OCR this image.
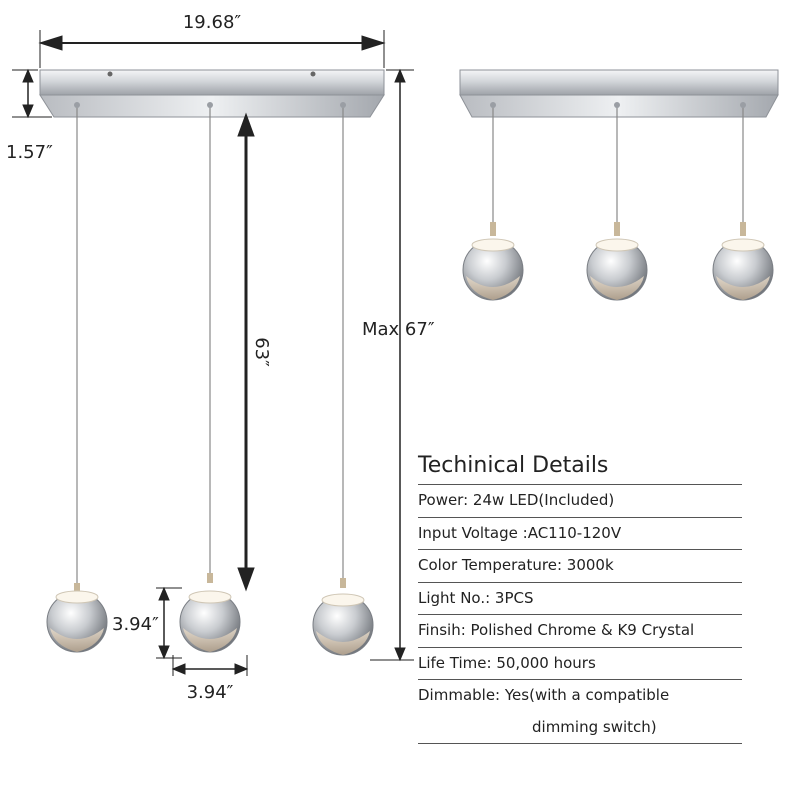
19.68″
1.57″
63″
Max 67″
3.94″
3.94″
Techinical Details
Power: 24w LED(Included)
Input Voltage :AC110-120V
Color Temperature: 3000k
Light No.: 3PCS
Finsih: Polished Chrome & K9 Crystal
Life Time: 50,000 hours
Dimmable: Yes(with a compatible
dimming switch)
